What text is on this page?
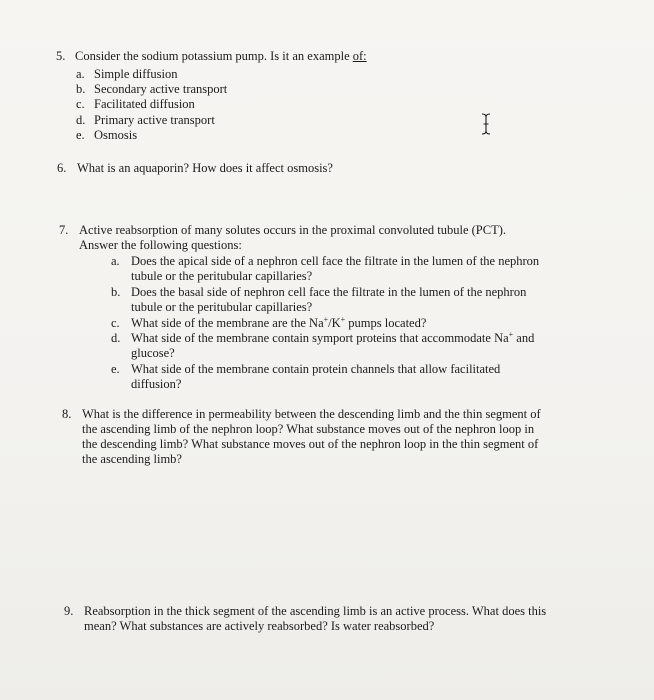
5. Consider the sodium potassium pump. Is it an example of:
a. Simple diffusion
b. Secondary active transport
c. Facilitated diffusion
d. Primary active transport
e. Osmosis
6. What is an aquaporin? How does it affect osmosis?
7. Active reabsorption of many solutes occurs in the proximal convoluted tubule (PCT).
Answer the following questions:
a. Does the apical side of a nephron cell face the filtrate in the lumen of the nephron
tubule or the peritubular capillaries?
b. Does the basal side of nephron cell face the filtrate in the lumen of the nephron
tubule or the peritubular capillaries?
c. What side of the membrane are the Na+/K+ pumps located?
d. What side of the membrane contain symport proteins that accommodate Na+ and
glucose?
e. What side of the membrane contain protein channels that allow facilitated
diffusion?
8. What is the difference in permeability between the descending limb and the thin segment of
the ascending limb of the nephron loop? What substance moves out of the nephron loop in
the descending limb? What substance moves out of the nephron loop in the thin segment of
the ascending limb?
9. Reabsorption in the thick segment of the ascending limb is an active process. What does this
mean? What substances are actively reabsorbed? Is water reabsorbed?
